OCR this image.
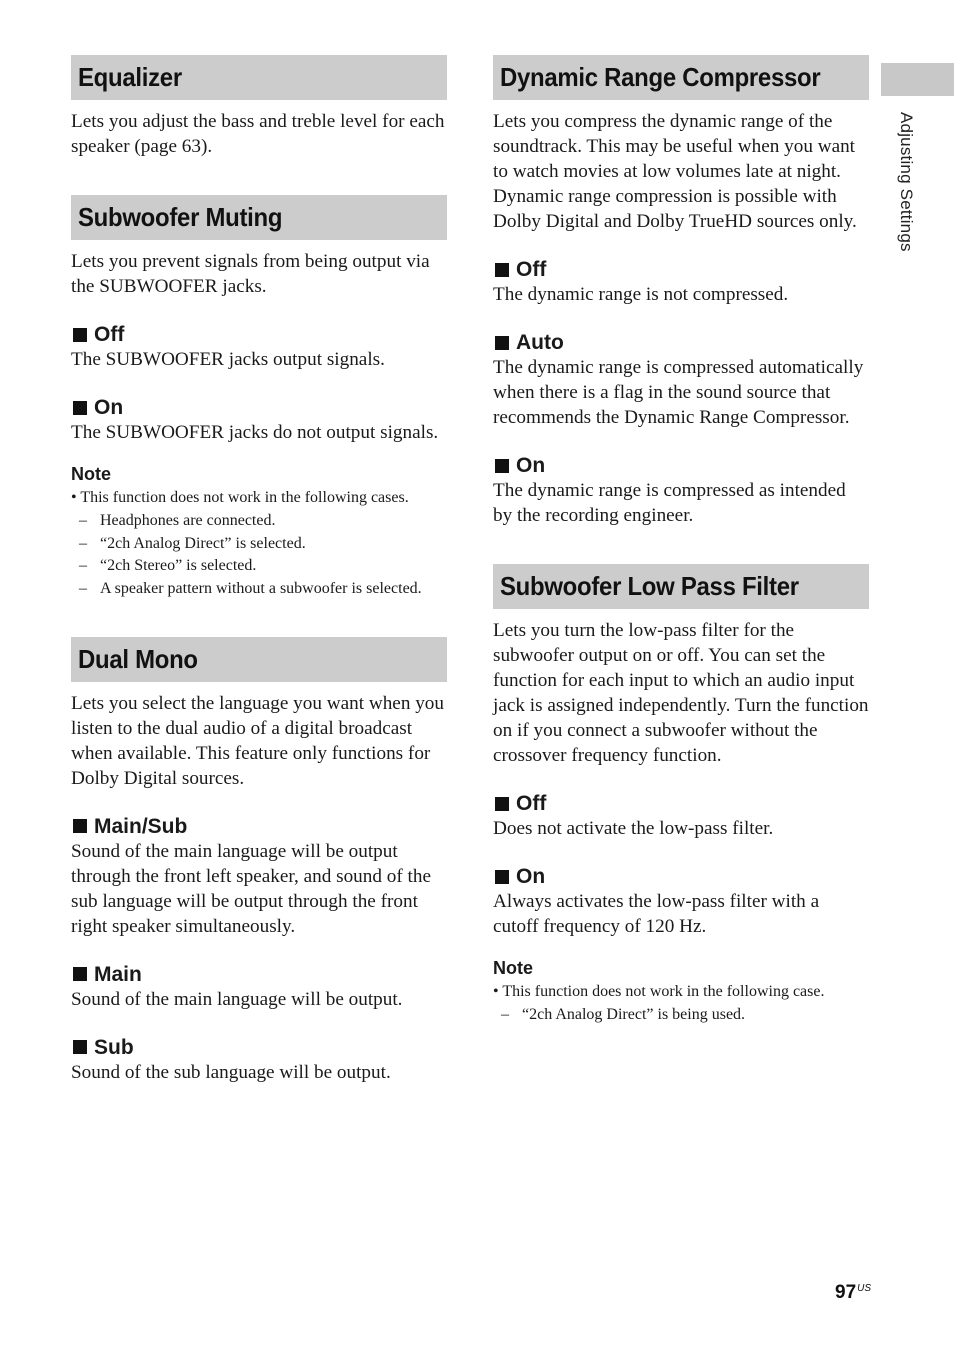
Adjusting Settings
Equalizer

Lets you adjust the bass and treble level for each speaker (page 63).

Subwoofer Muting

Lets you prevent signals from being output via the SUBWOOFER jacks.

Off

The SUBWOOFER jacks output signals.

On

The SUBWOOFER jacks do not output signals.

Note

• This function does not work in the following cases.

– Headphones are connected.

– “2ch Analog Direct” is selected.

– “2ch Stereo” is selected.

– A speaker pattern without a subwoofer is selected.

Dual Mono

Lets you select the language you want when you listen to the dual audio of a digital broadcast when available. This feature only functions for Dolby Digital sources.

Main/Sub

Sound of the main language will be output through the front left speaker, and sound of the sub language will be output through the front right speaker simultaneously.

Main

Sound of the main language will be output.

Sub

Sound of the sub language will be output.

Dynamic Range Compressor

Lets you compress the dynamic range of the soundtrack. This may be useful when you want to watch movies at low volumes late at night. Dynamic range compression is possible with Dolby Digital and Dolby TrueHD sources only.

Off

The dynamic range is not compressed.

Auto

The dynamic range is compressed automatically when there is a flag in the sound source that recommends the Dynamic Range Compressor.

On

The dynamic range is compressed as intended by the recording engineer.

Subwoofer Low Pass Filter

Lets you turn the low-pass filter for the subwoofer output on or off. You can set the function for each input to which an audio input jack is assigned independently. Turn the function on if you connect a subwoofer without the crossover frequency function.

Off

Does not activate the low-pass filter.

On

Always activates the low-pass filter with a cutoff frequency of 120 Hz.

Note

• This function does not work in the following case.

– “2ch Analog Direct” is being used.

$97^{US}$
